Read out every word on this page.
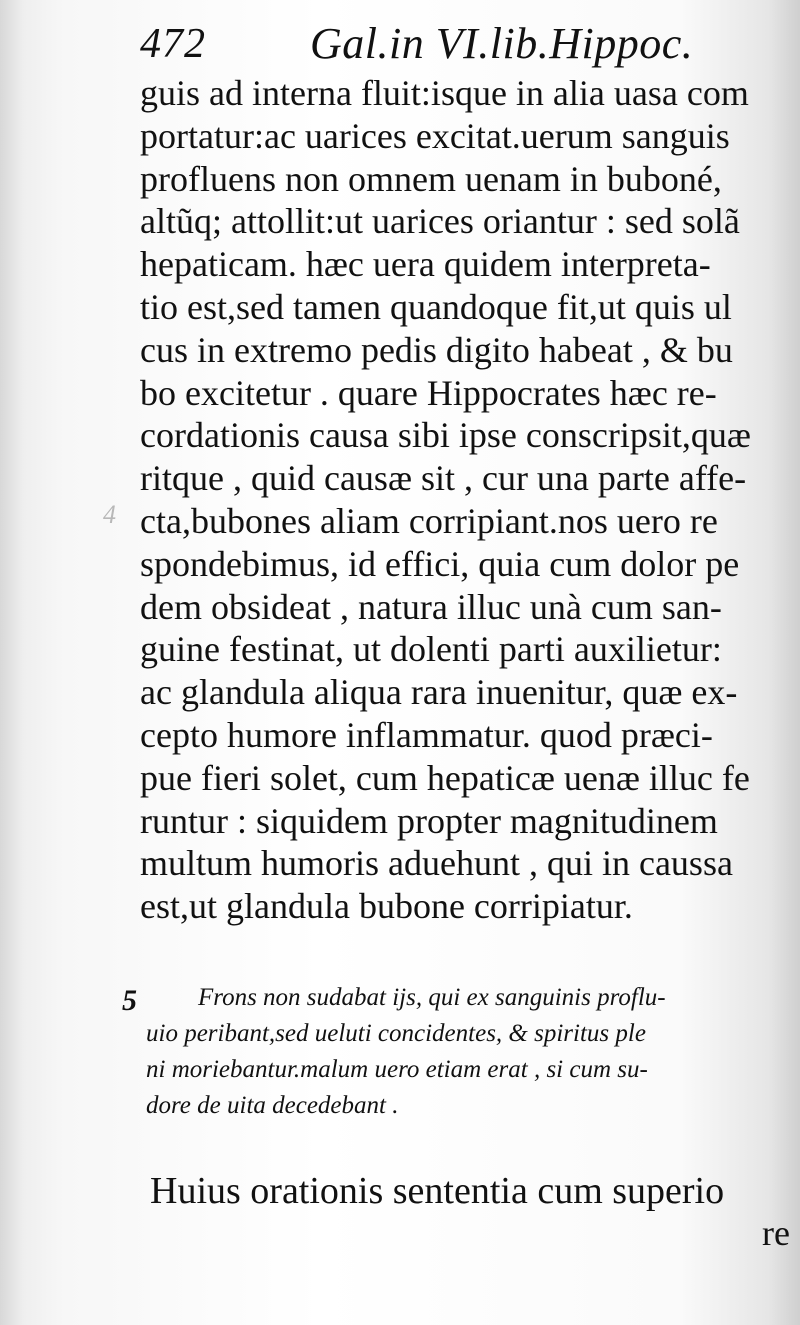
4
472 Gal.in VI.lib.Hippoc.
guis ad interna fluit:isque in alia uasa com
portatur:ac uarices excitat.uerum sanguis
profluens non omnem uenam in buboné,
altũq; attollit:ut uarices oriantur : sed solã
hepaticam. hæc uera quidem interpreta-
tio est,sed tamen quandoque fit,ut quis ul
cus in extremo pedis digito habeat , & bu
bo excitetur . quare Hippocrates hæc re-
cordationis causa sibi ipse conscripsit,quæ
ritque , quid causæ sit , cur una parte affe-
cta,bubones aliam corripiant.nos uero re
spondebimus, id effici, quia cum dolor pe
dem obsideat , natura illuc unà cum san-
guine festinat, ut dolenti parti auxilietur:
ac glandula aliqua rara inuenitur, quæ ex-
cepto humore inflammatur. quod præci-
pue fieri solet, cum hepaticæ uenæ illuc fe
runtur : siquidem propter magnitudinem
multum humoris aduehunt , qui in caussa
est,ut glandula bubone corripiatur.
5 Frons non sudabat ijs, qui ex sanguinis proflu-
uio peribant,sed ueluti concidentes, & spiritus ple
ni moriebantur.malum uero etiam erat , si cum su-
dore de uita decedebant .
Huius orationis sententia cum superio
re
